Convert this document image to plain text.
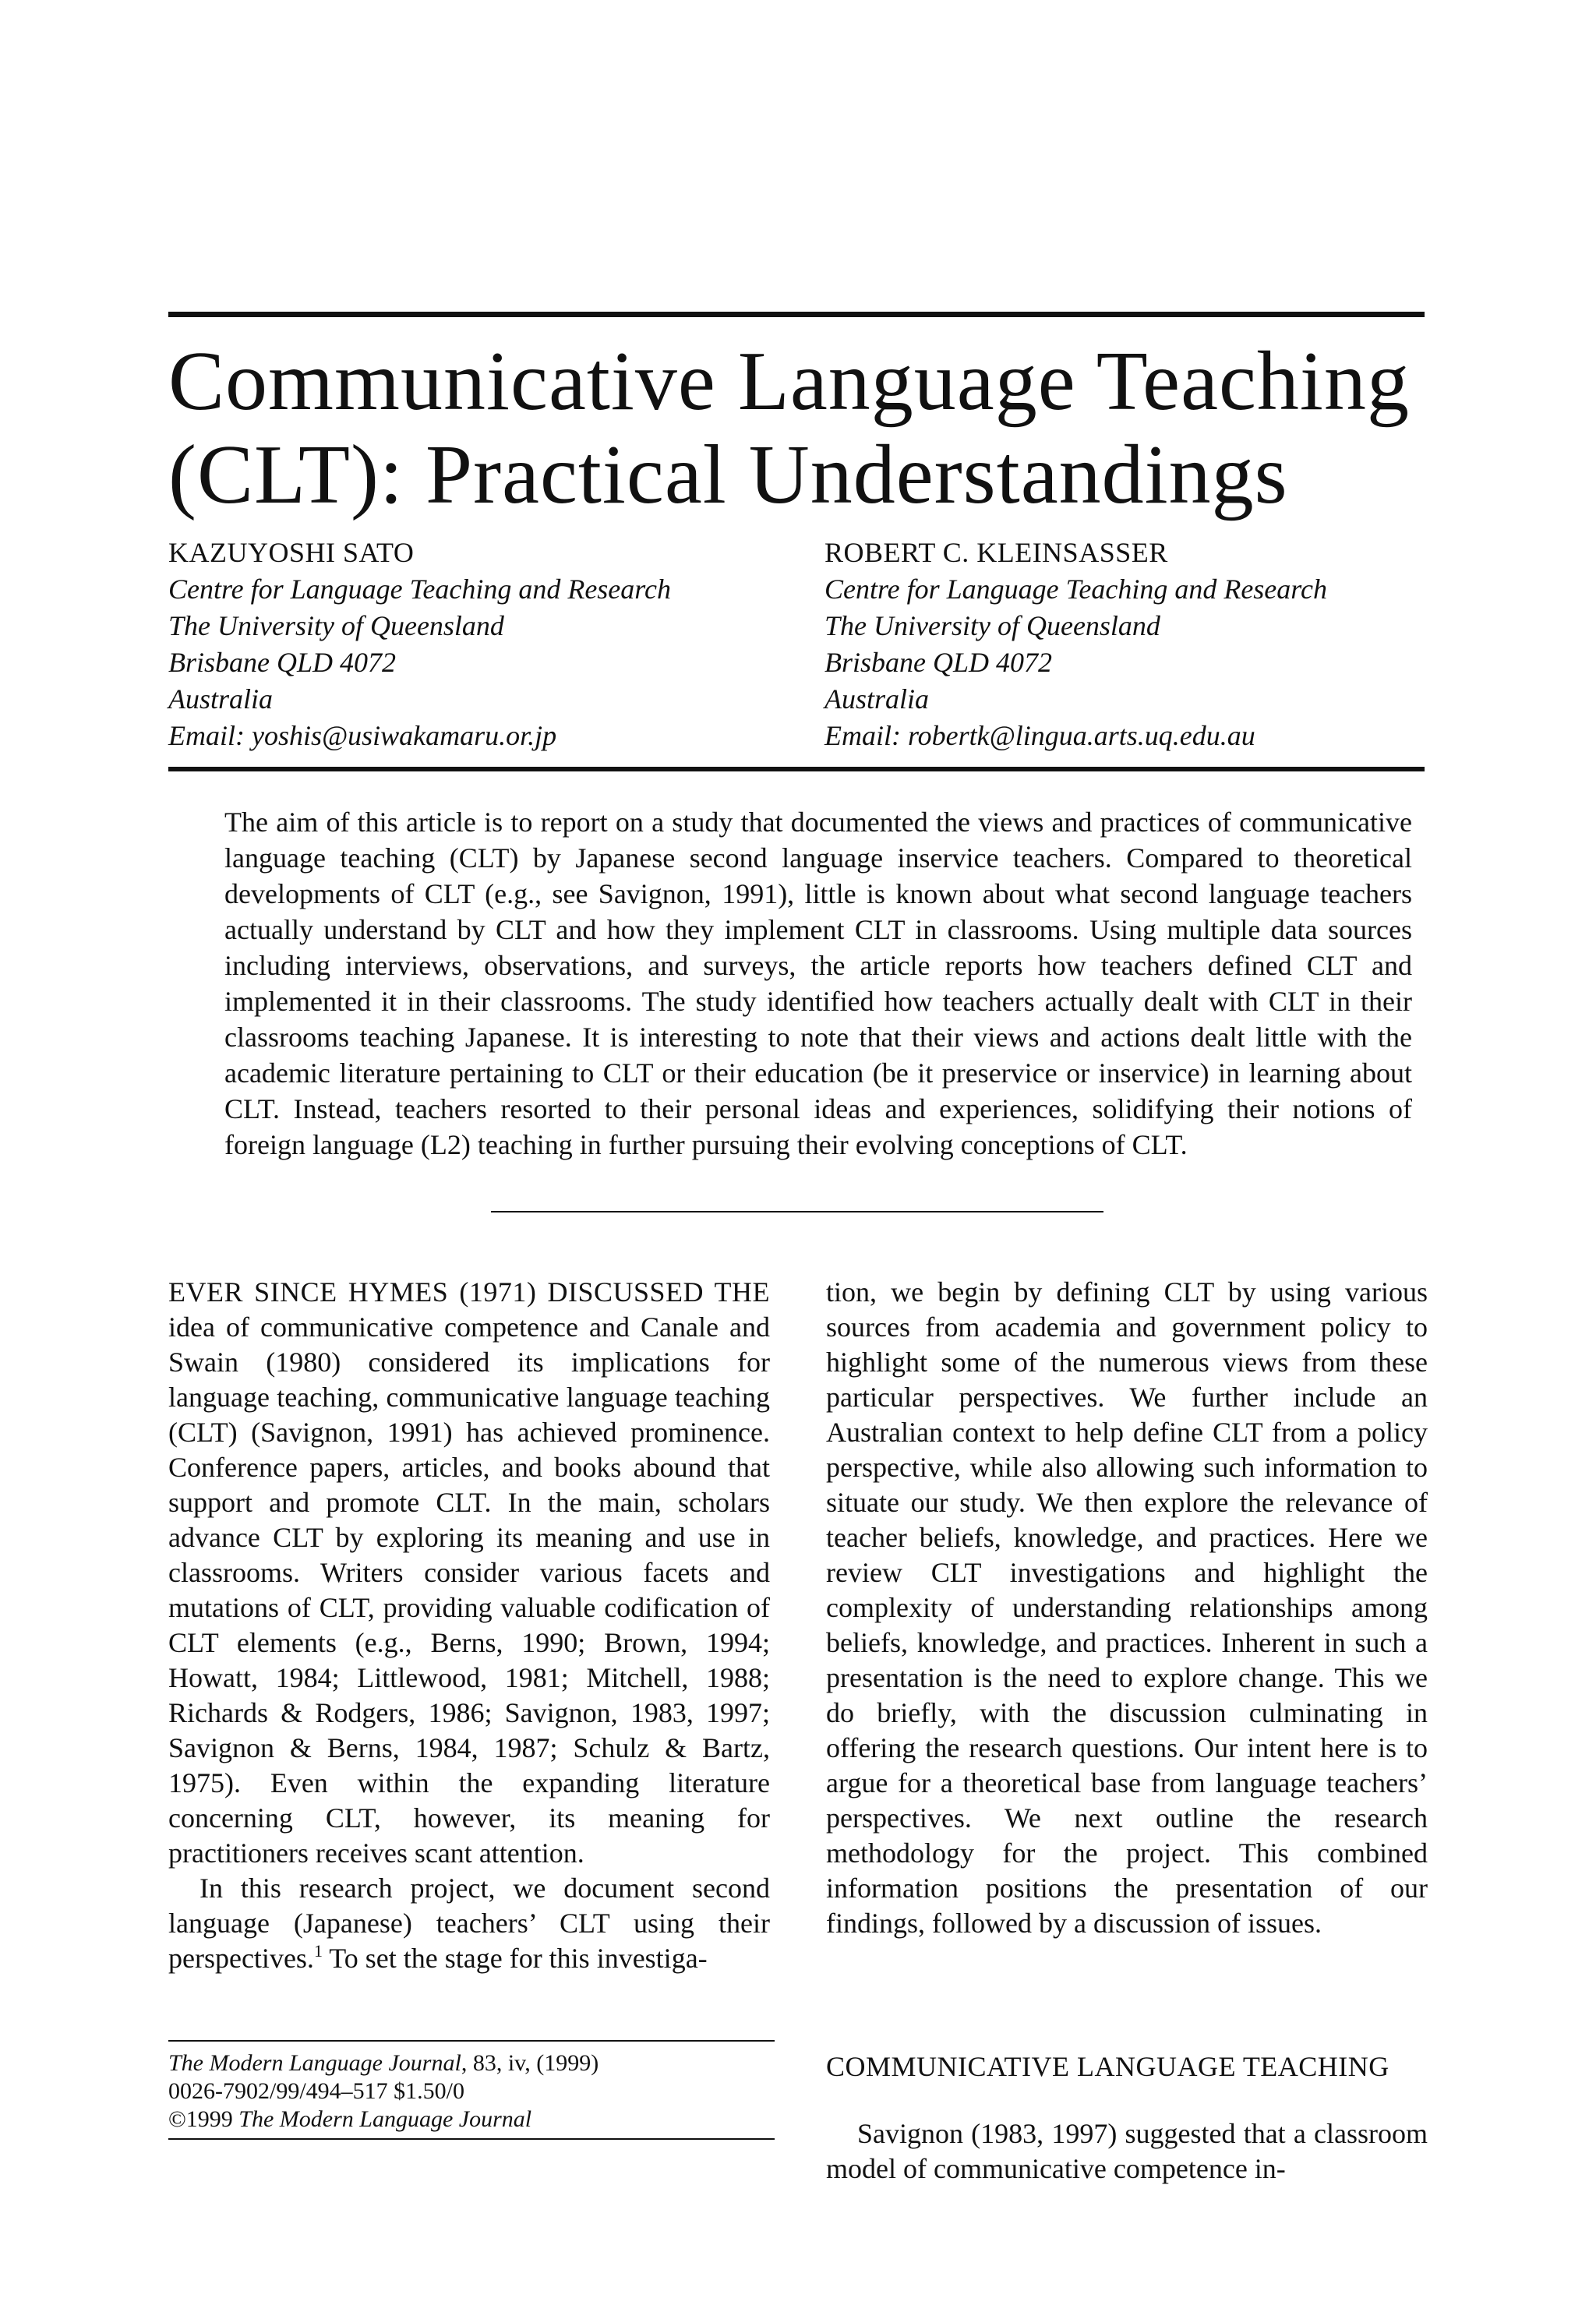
Communicative Language Teaching
(CLT): Practical Understandings
KAZUYOSHI SATO
Centre for Language Teaching and Research
The University of Queensland
Brisbane QLD 4072
Australia
Email: yoshis@usiwakamaru.or.jp
ROBERT C. KLEINSASSER
Centre for Language Teaching and Research
The University of Queensland
Brisbane QLD 4072
Australia
Email: robertk@lingua.arts.uq.edu.au

The aim of this article is to report on a study that documented the views and practices of communicative language teaching (CLT) by Japanese second language inservice teachers. Compared to theoretical developments of CLT (e.g., see Savignon, 1991), little is known about what second language teachers actually understand by CLT and how they implement CLT in classrooms. Using multiple data sources including interviews, observations, and surveys, the article reports how teachers defined CLT and implemented it in their classrooms. The study identified how teachers actually dealt with CLT in their classrooms teaching Japanese. It is interesting to note that their views and actions dealt little with the academic literature pertaining to CLT or their education (be it preservice or inservice) in learning about CLT. Instead, teachers resorted to their personal ideas and experiences, solidifying their notions of foreign language (L2) teaching in further pursuing their evolving conceptions of CLT.

EVER SINCE HYMES (1971) DISCUSSED THE idea of communicative competence and Canale and Swain (1980) considered its implications for language teaching, communicative language teaching (CLT) (Savignon, 1991) has achieved prominence. Conference papers, articles, and books abound that support and promote CLT. In the main, scholars advance CLT by exploring its meaning and use in classrooms. Writers consider various facets and mutations of CLT, providing valuable codification of CLT elements (e.g., Berns, 1990; Brown, 1994; Howatt, 1984; Littlewood, 1981; Mitchell, 1988; Richards & Rodgers, 1986; Savignon, 1983, 1997; Savignon & Berns, 1984, 1987; Schulz & Bartz, 1975). Even within the expanding literature concerning CLT, however, its meaning for practitioners receives scant attention.

In this research project, we document second language (Japanese) teachers’ CLT using their perspectives.$^1$ To set the stage for this investiga-

The Modern Language Journal, 83, iv, (1999)
0026-7902/99/494–517 $1.50/0
©1999 The Modern Language Journal

tion, we begin by defining CLT by using various sources from academia and government policy to highlight some of the numerous views from these particular perspectives. We further include an Australian context to help define CLT from a policy perspective, while also allowing such information to situate our study. We then explore the relevance of teacher beliefs, knowledge, and practices. Here we review CLT investigations and highlight the complexity of understanding relationships among beliefs, knowledge, and practices. Inherent in such a presentation is the need to explore change. This we do briefly, with the discussion culminating in offering the research questions. Our intent here is to argue for a theoretical base from language teachers’ perspectives. We next outline the research methodology for the project. This combined information positions the presentation of our findings, followed by a discussion of issues.

COMMUNICATIVE LANGUAGE TEACHING

Savignon (1983, 1997) suggested that a classroom model of communicative competence in-
